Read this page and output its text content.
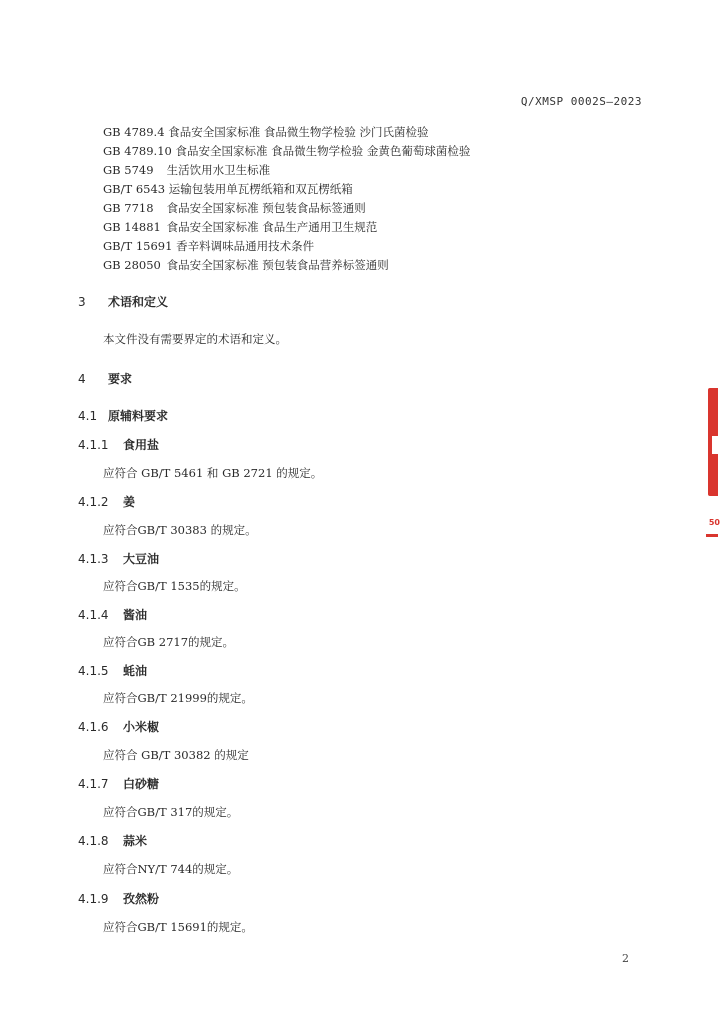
Q/XMSP 0002S—2023
GB 4789.4 食品安全国家标准 食品微生物学检验 沙门氏菌检验
GB 4789.10 食品安全国家标准 食品微生物学检验 金黄色葡萄球菌检验
GB 5749 生活饮用水卫生标准
GB/T 6543 运输包装用单瓦楞纸箱和双瓦楞纸箱
GB 7718 食品安全国家标准 预包装食品标签通则
GB 14881 食品安全国家标准 食品生产通用卫生规范
GB/T 15691 香辛料调味品通用技术条件
GB 28050 食品安全国家标准 预包装食品营养标签通则
3 术语和定义
本文件没有需要界定的术语和定义。
4 要求
4.1 原辅料要求
4.1.1 食用盐
应符合 GB/T 5461 和 GB 2721 的规定。
4.1.2 姜
应符合GB/T 30383 的规定。
4.1.3 大豆油
应符合GB/T 1535的规定。
4.1.4 酱油
应符合GB 2717的规定。
4.1.5 蚝油
应符合GB/T 21999的规定。
4.1.6 小米椒
应符合 GB/T 30382 的规定
4.1.7 白砂糖
应符合GB/T 317的规定。
4.1.8 蒜米
应符合NY/T 744的规定。
4.1.9 孜然粉
应符合GB/T 15691的规定。
2
50
